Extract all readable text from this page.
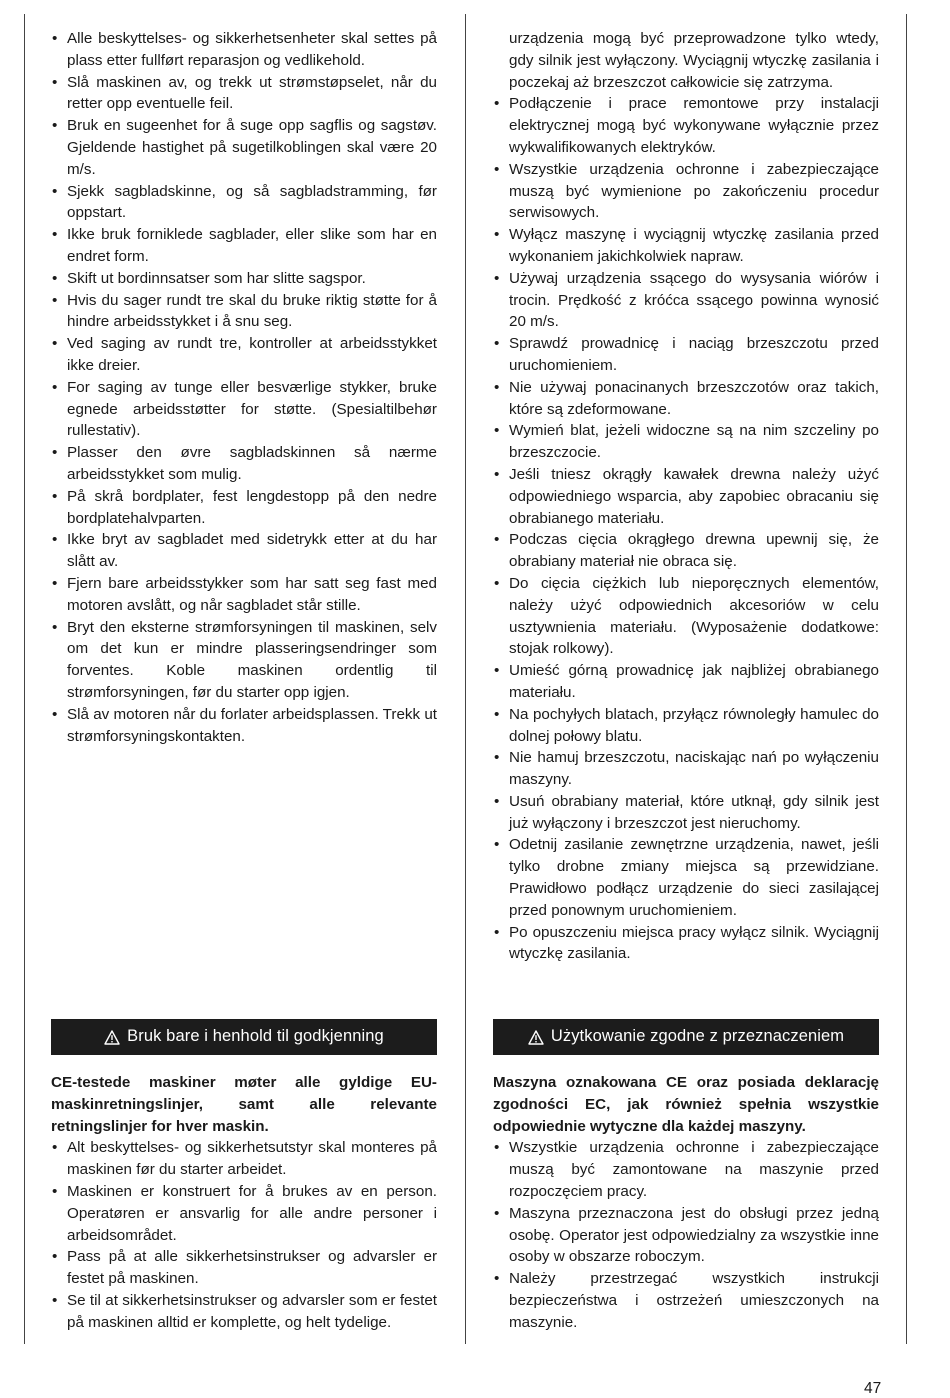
• Alle beskyttelses- og sikkerhetsenheter skal settes på plass etter fullført reparasjon og vedlikehold.
• Slå maskinen av, og trekk ut strømstøpselet, når du retter opp eventuelle feil.
• Bruk en sugeenhet for å suge opp sagflis og sagstøv. Gjeldende hastighet på sugetilkoblingen skal være 20 m/s.
• Sjekk sagbladskinne, og så sagbladstramming, før oppstart.
• Ikke bruk forniklede sagblader, eller slike som har en endret form.
• Skift ut bordinnsatser som har slitte sagspor.
• Hvis du sager rundt tre skal du bruke riktig støtte for å hindre arbeidsstykket i å snu seg.
• Ved saging av rundt tre, kontroller at arbeidsstykket ikke dreier.
• For saging av tunge eller besværlige stykker, bruke egnede arbeidsstøtter for støtte. (Spesialtilbehør rullestativ).
• Plasser den øvre sagbladskinnen så nærme arbeidsstykket som mulig.
• På skrå bordplater, fest lengdestopp på den nedre bordplatehalvparten.
• Ikke bryt av sagbladet med sidetrykk etter at du har slått av.
• Fjern bare arbeidsstykker som har satt seg fast med motoren avslått, og når sagbladet står stille.
• Bryt den eksterne strømforsyningen til maskinen, selv om det kun er mindre plasseringsendringer som forventes. Koble maskinen ordentlig til strømforsyningen, før du starter opp igjen.
• Slå av motoren når du forlater arbeidsplassen. Trekk ut strømforsyningskontakten.
urządzenia mogą być przeprowadzone tylko wtedy, gdy silnik jest wyłączony. Wyciągnij wtyczkę zasilania i poczekaj aż brzeszczot całkowicie się zatrzyma.
• Podłączenie i prace remontowe przy instalacji elektrycznej mogą być wykonywane wyłącznie przez wykwalifikowanych elektryków.
• Wszystkie urządzenia ochronne i zabezpieczające muszą być wymienione po zakończeniu procedur serwisowych.
• Wyłącz maszynę i wyciągnij wtyczkę zasilania przed wykonaniem jakichkolwiek napraw.
• Używaj urządzenia ssącego do wysysania wiórów i trocin. Prędkość z króćca ssącego powinna wynosić 20 m/s.
• Sprawdź prowadnicę i naciąg brzeszczotu przed uruchomieniem.
• Nie używaj ponacinanych brzeszczotów oraz takich, które są zdeformowane.
• Wymień blat, jeżeli widoczne są na nim szczeliny po brzeszczocie.
• Jeśli tniesz okrągły kawałek drewna należy użyć odpowiedniego wsparcia, aby zapobiec obracaniu się obrabianego materiału.
• Podczas cięcia okrągłego drewna upewnij się, że obrabiany materiał nie obraca się.
• Do cięcia ciężkich lub nieporęcznych elementów, należy użyć odpowiednich akcesoriów w celu usztywnienia materiału. (Wyposażenie dodatkowe: stojak rolkowy).
• Umieść górną prowadnicę jak najbliżej obrabianego materiału.
• Na pochyłych blatach, przyłącz równoległy hamulec do dolnej połowy blatu.
• Nie hamuj brzeszczotu, naciskając nań po wyłączeniu maszyny.
• Usuń obrabiany materiał, które utknął, gdy silnik jest już wyłączony i brzeszczot jest nieruchomy.
• Odetnij zasilanie zewnętrzne urządzenia, nawet, jeśli tylko drobne zmiany miejsca są przewidziane. Prawidłowo podłącz urządzenie do sieci zasilającej przed ponownym uruchomieniem.
• Po opuszczeniu miejsca pracy wyłącz silnik. Wyciągnij wtyczkę zasilania.
Bruk bare i henhold til godkjenning
CE-testede maskiner møter alle gyldige EU-maskinretningslinjer, samt alle relevante retningslinjer for hver maskin.
• Alt beskyttelses- og sikkerhetsutstyr skal monteres på maskinen før du starter arbeidet.
• Maskinen er konstruert for å brukes av en person. Operatøren er ansvarlig for alle andre personer i arbeidsområdet.
• Pass på at alle sikkerhetsinstrukser og advarsler er festet på maskinen.
• Se til at sikkerhetsinstrukser og advarsler som er festet på maskinen alltid er komplette, og helt tydelige.
Użytkowanie zgodne z przeznaczeniem
Maszyna oznakowana CE oraz posiada deklarację zgodności EC, jak również spełnia wszystkie odpowiednie wytyczne dla każdej maszyny.
• Wszystkie urządzenia ochronne i zabezpieczające muszą być zamontowane na maszynie przed rozpoczęciem pracy.
• Maszyna przeznaczona jest do obsługi przez jedną osobę. Operator jest odpowiedzialny za wszystkie inne osoby w obszarze roboczym.
• Należy przestrzegać wszystkich instrukcji bezpieczeństwa i ostrzeżeń umieszczonych na maszynie.
47
